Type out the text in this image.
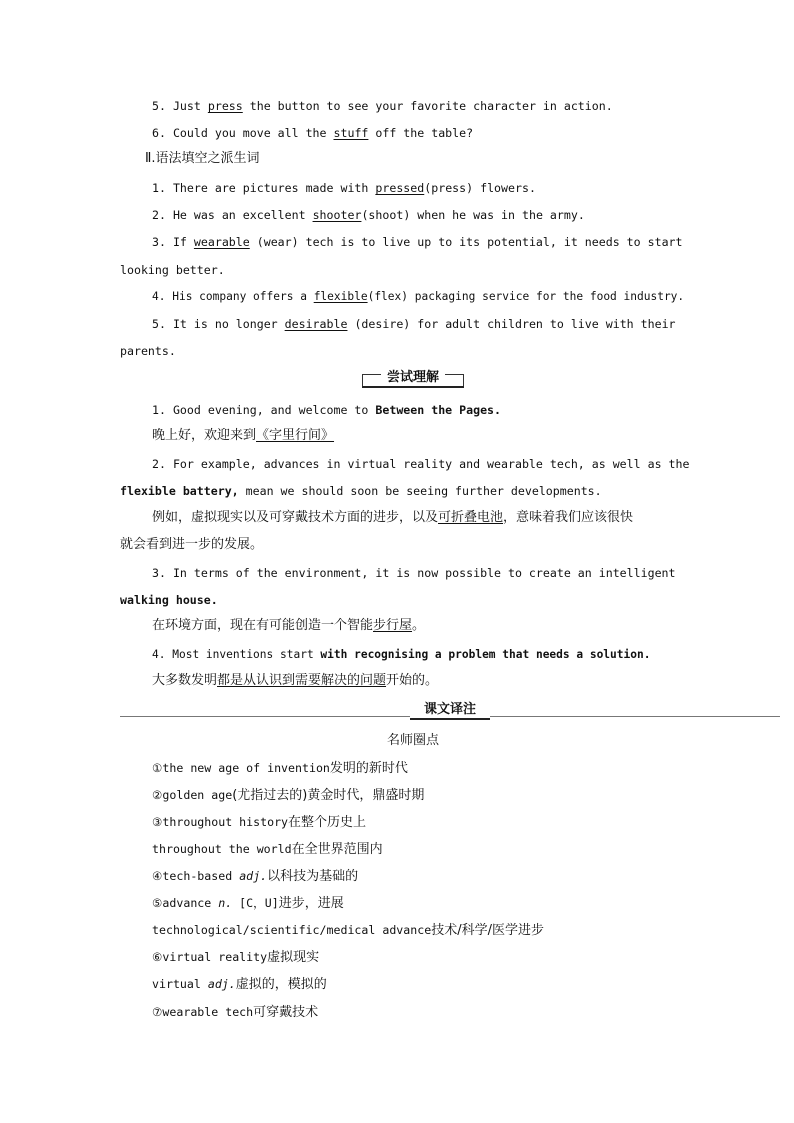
5. Just press the button to see your favorite character in action.
6. Could you move all the stuff off the table?
Ⅱ.语法填空之派生词
1. There are pictures made with pressed(press) flowers.
2. He was an excellent shooter(shoot) when he was in the army.
3. If wearable (wear) tech is to live up to its potential, it needs to start
looking better.
4. His company offers a flexible(flex) packaging service for the food industry.
5. It is no longer desirable (desire) for adult children to live with their
parents.
尝试理解
1. Good evening, and welcome to Between the Pages.
晚上好，欢迎来到《字里行间》
2. For example, advances in virtual reality and wearable tech, as well as the
flexible battery, mean we should soon be seeing further developments.
例如，虚拟现实以及可穿戴技术方面的进步，以及可折叠电池，意味着我们应该很快
就会看到进一步的发展。
3. In terms of the environment, it is now possible to create an intelligent
walking house.
在环境方面，现在有可能创造一个智能步行屋。
4. Most inventions start with recognising a problem that needs a solution.
大多数发明都是从认识到需要解决的问题开始的。
课文译注
名师圈点
①the new age of invention发明的新时代
②golden age(尤指过去的)黄金时代，鼎盛时期
③throughout history在整个历史上
throughout the world在全世界范围内
④tech-based adj.以科技为基础的
⑤advance n. [C，U]进步，进展
technological/scientific/medical advance技术/科学/医学进步
⑥virtual reality虚拟现实
virtual adj.虚拟的，模拟的
⑦wearable tech可穿戴技术
